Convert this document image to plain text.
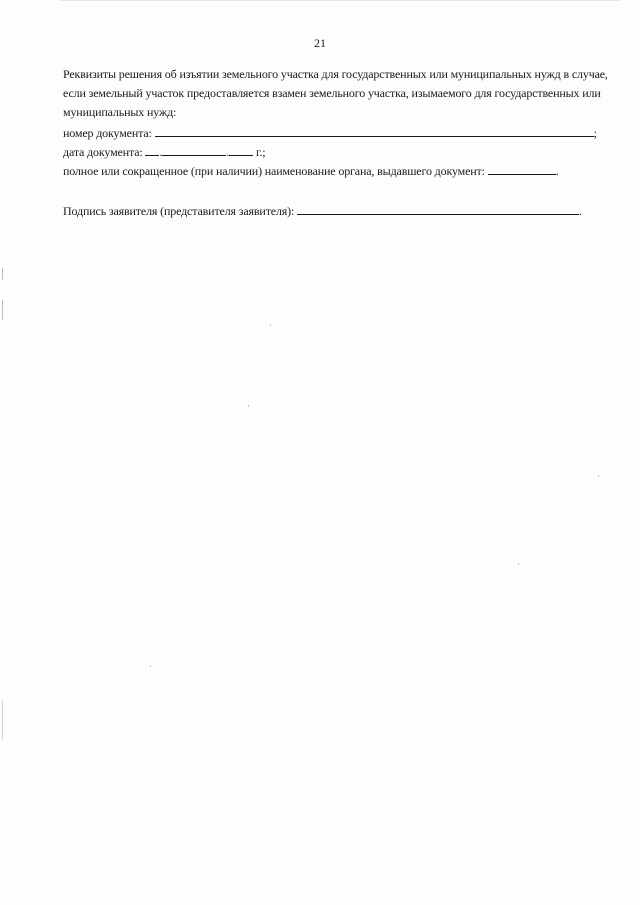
21
Реквизиты решения об изъятии земельного участка для государственных или муниципальных нужд в случае, если земельный участок предоставляется взамен земельного участка, изымаемого для государственных или муниципальных нужд:
номер документа:	;
дата документа: .	. г.;
полное или сокращенное (при наличии) наименование органа, выдавшего документ:	.
Подпись заявителя (представителя заявителя):	.
